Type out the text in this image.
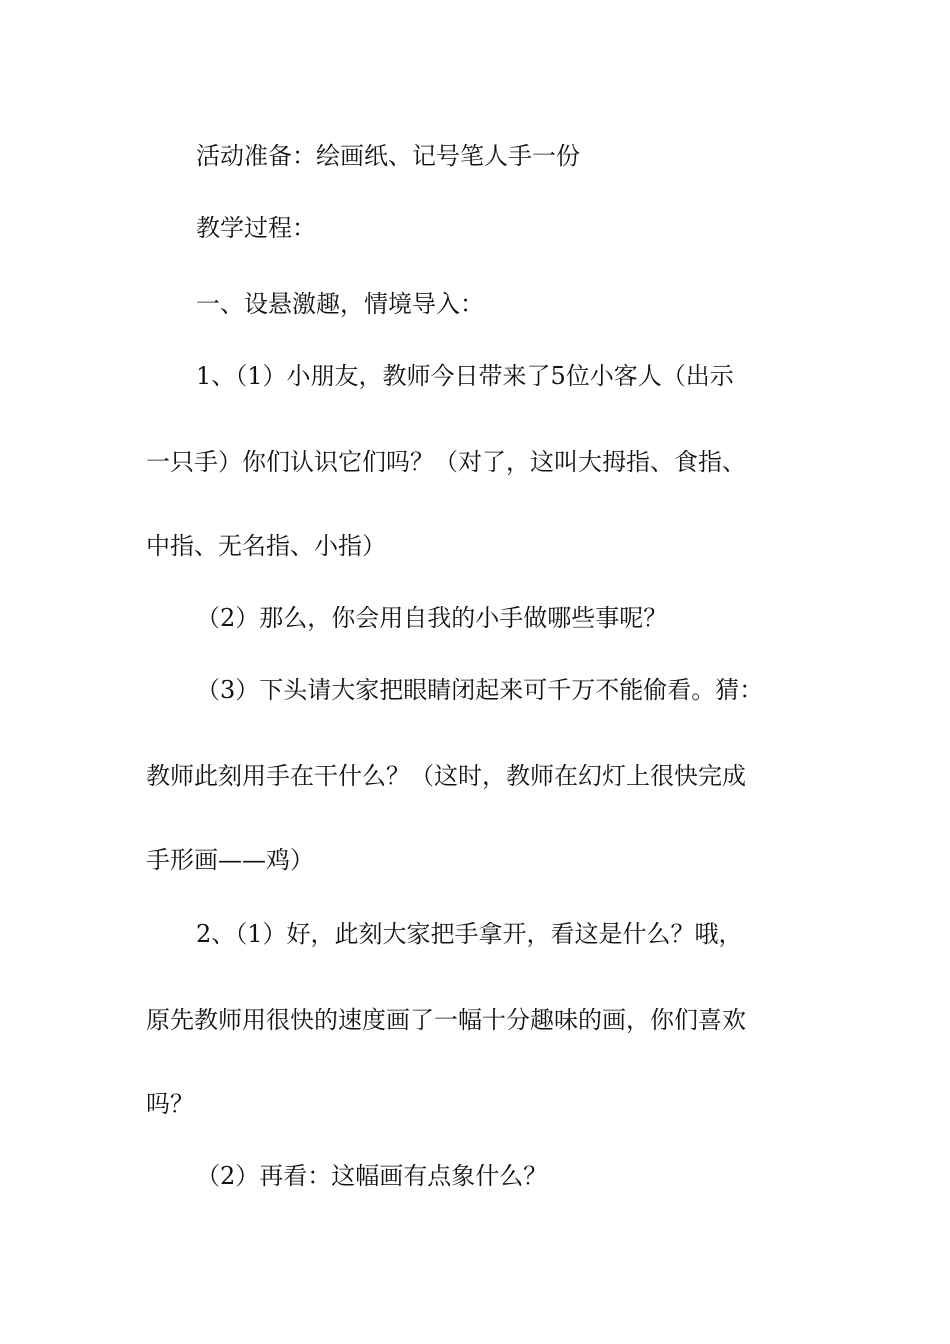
活动准备：绘画纸、记号笔人手一份
教学过程：
一、设悬激趣，情境导入：
1、（1）小朋友，教师今日带来了5位小客人（出示
一只手）你们认识它们吗？（对了，这叫大拇指、食指、
中指、无名指、小指）
（2）那么，你会用自我的小手做哪些事呢？
（3）下头请大家把眼睛闭起来可千万不能偷看。猜：
教师此刻用手在干什么？（这时，教师在幻灯上很快完成
手形画——鸡）
2、（1）好，此刻大家把手拿开，看这是什么？哦，
原先教师用很快的速度画了一幅十分趣味的画，你们喜欢
吗？
（2）再看：这幅画有点象什么？
